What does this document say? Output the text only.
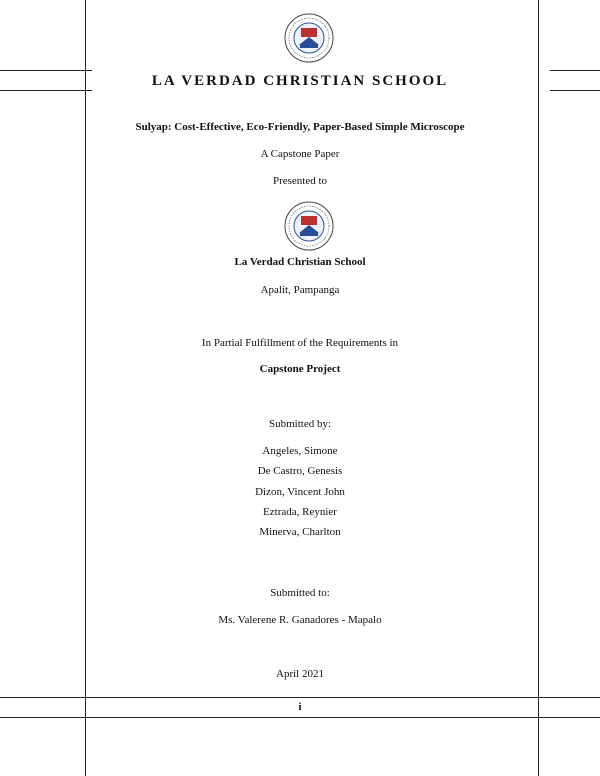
LA VERDAD CHRISTIAN SCHOOL
Sulyap: Cost-Effective, Eco-Friendly, Paper-Based Simple Microscope
A Capstone Paper
Presented to
La Verdad Christian School
Apalit, Pampanga
In Partial Fulfillment of the Requirements in
Capstone Project
Submitted by:
Angeles, Simone
De Castro, Genesis
Dizon, Vincent John
Eztrada, Reynier
Minerva, Charlton
Submitted to:
Ms. Valerene R. Ganadores - Mapalo
April 2021
i
